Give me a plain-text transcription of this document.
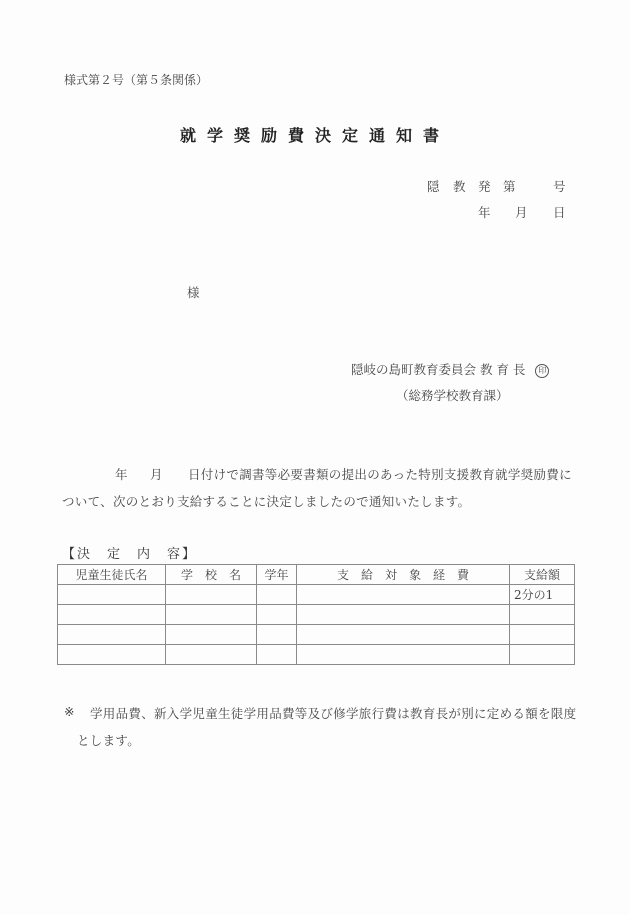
様式第２号（第５条関係）
就学奨励費決定通知書
隠 教 発 第	号
年 月 日
様
隠岐の島町教育委員会 教 育 長 印
（総務学校教育課）
年 月 日付けで調書等必要書類の提出のあった特別支援教育就学奨励費に
ついて、次のとおり支給することに決定しましたので通知いたします。
【決　定　内　容】
児童生徒氏名	学　校　名	学年	支　給　対　象　経　費	支給額
				2分の1

※ 学用品費、新入学児童生徒学用品費等及び修学旅行費は教育長が別に定める額を限度
とします。
